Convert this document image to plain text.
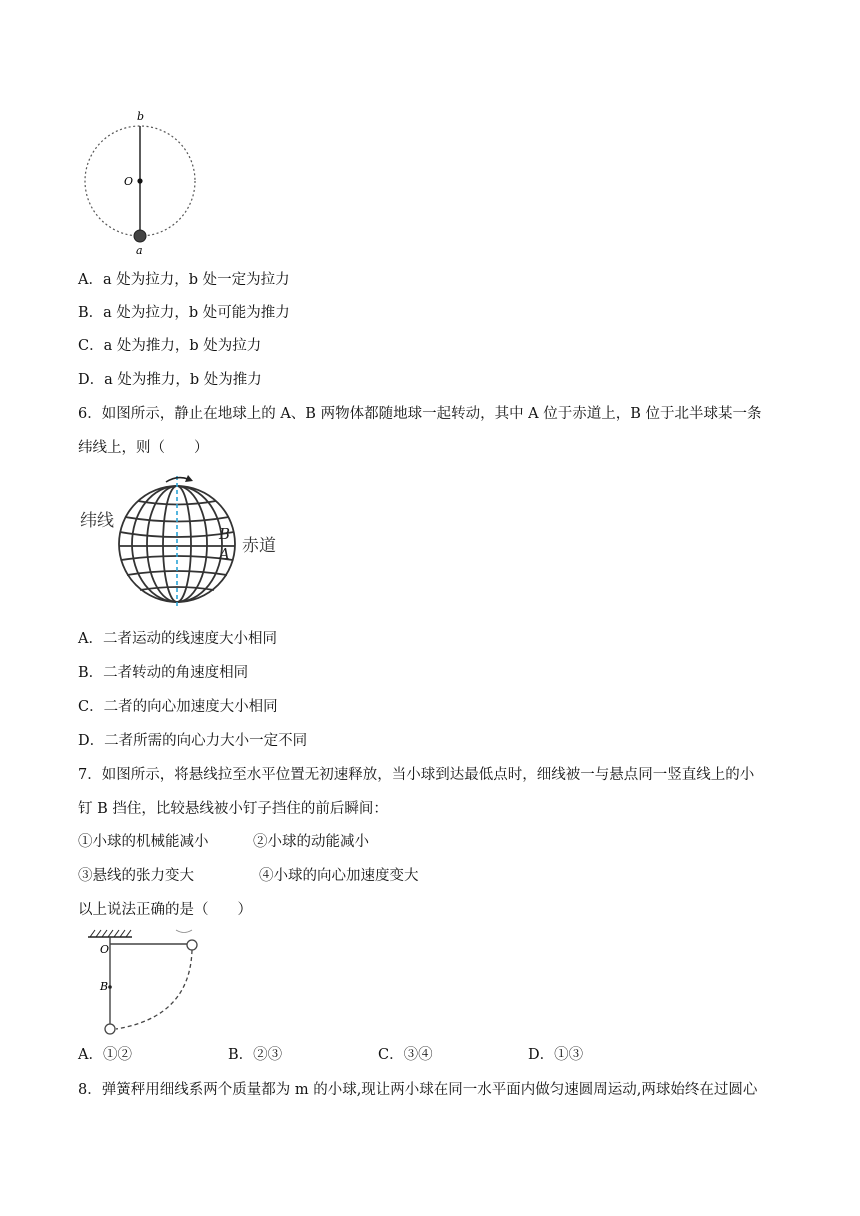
b
O
a
A．a 处为拉力，b 处一定为拉力
B．a 处为拉力，b 处可能为推力
C．a 处为推力，b 处为拉力
D．a 处为推力，b 处为推力
6．如图所示，静止在地球上的 A、B 两物体都随地球一起转动，其中 A 位于赤道上，B 位于北半球某一条
纬线上，则（　　）
纬线
赤道
B
A
A．二者运动的线速度大小相同
B．二者转动的角速度相同
C．二者的向心加速度大小相同
D．二者所需的向心力大小一定不同
7．如图所示，将悬线拉至水平位置无初速释放，当小球到达最低点时，细线被一与悬点同一竖直线上的小
钉 B 挡住，比较悬线被小钉子挡住的前后瞬间：
①小球的机械能减小	②小球的动能减小
③悬线的张力变大	④小球的向心加速度变大
以上说法正确的是（　　）
O
B
A．①②	B．②③	C．③④	D．①③
8．弹簧秤用细线系两个质量都为 m 的小球,现让两小球在同一水平面内做匀速圆周运动,两球始终在过圆心
